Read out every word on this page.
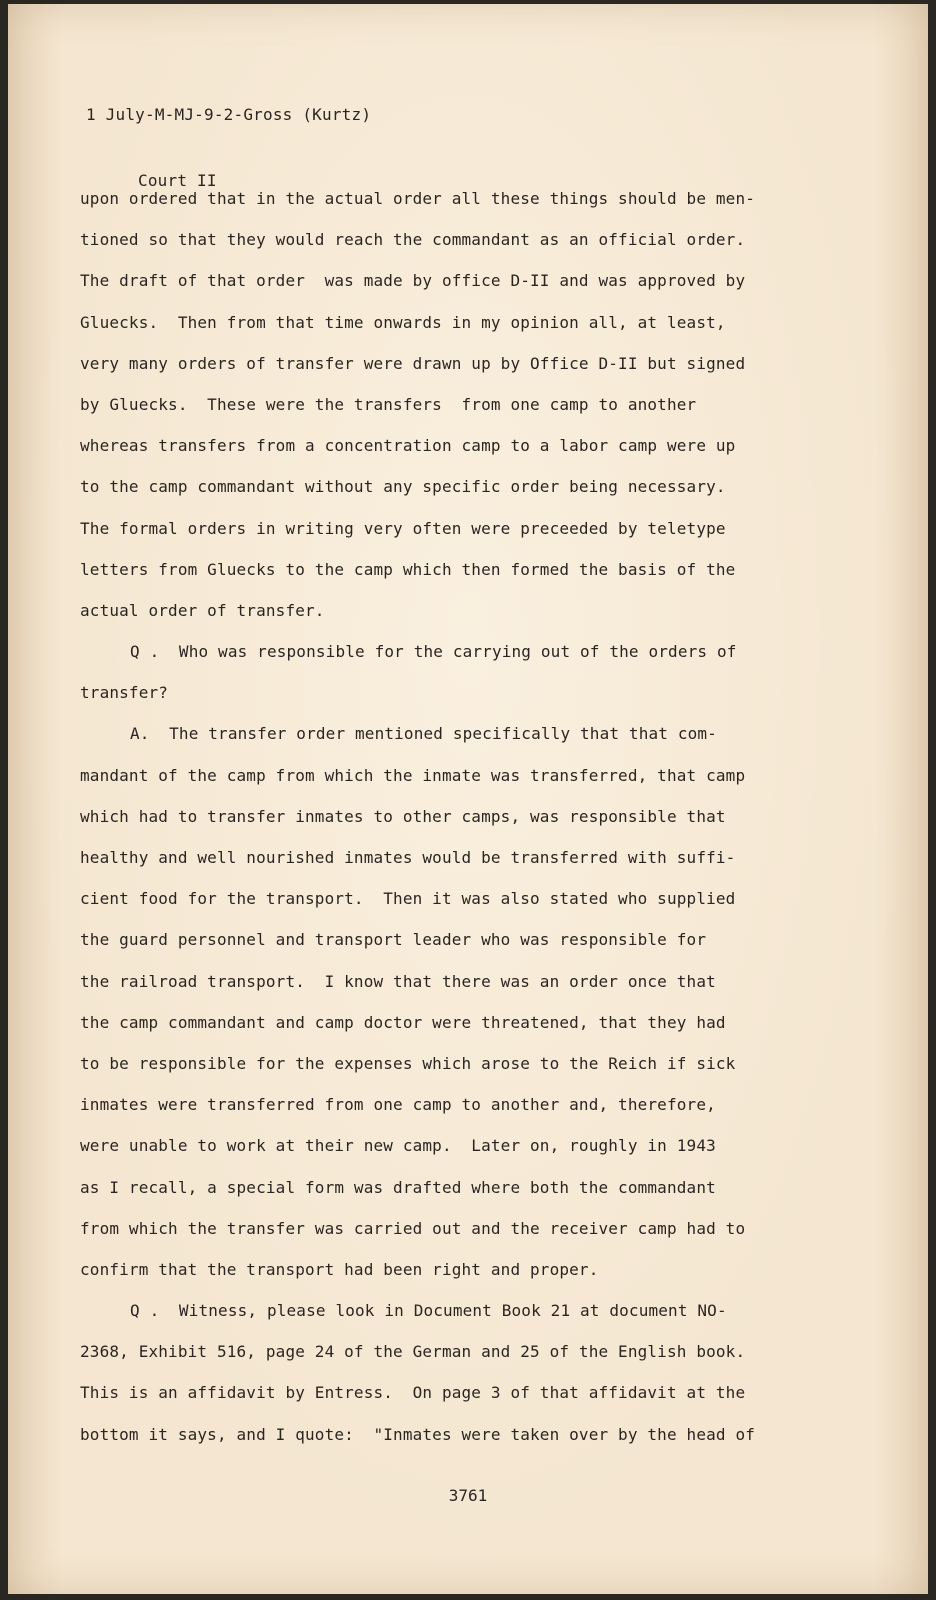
1 July-M-MJ-9-2-Gross (Kurtz)

Court II

upon ordered that in the actual order all these things should be men-
tioned so that they would reach the commandant as an official order.
The draft of that order  was made by office D-II and was approved by
Gluecks.  Then from that time onwards in my opinion all, at least,
very many orders of transfer were drawn up by Office D-II but signed
by Gluecks.  These were the transfers  from one camp to another
whereas transfers from a concentration camp to a labor camp were up
to the camp commandant without any specific order being necessary.
The formal orders in writing very often were preceeded by teletype
letters from Gluecks to the camp which then formed the basis of the
actual order of transfer.
Q .  Who was responsible for the carrying out of the orders of
transfer?
A.  The transfer order mentioned specifically that that com-
mandant of the camp from which the inmate was transferred, that camp
which had to transfer inmates to other camps, was responsible that
healthy and well nourished inmates would be transferred with suffi-
cient food for the transport.  Then it was also stated who supplied
the guard personnel and transport leader who was responsible for
the railroad transport.  I know that there was an order once that
the camp commandant and camp doctor were threatened, that they had
to be responsible for the expenses which arose to the Reich if sick
inmates were transferred from one camp to another and, therefore,
were unable to work at their new camp.  Later on, roughly in 1943
as I recall, a special form was drafted where both the commandant
from which the transfer was carried out and the receiver camp had to
confirm that the transport had been right and proper.
Q .  Witness, please look in Document Book 21 at document NO-
2368, Exhibit 516, page 24 of the German and 25 of the English book.
This is an affidavit by Entress.  On page 3 of that affidavit at the
bottom it says, and I quote:  "Inmates were taken over by the head of
3761
